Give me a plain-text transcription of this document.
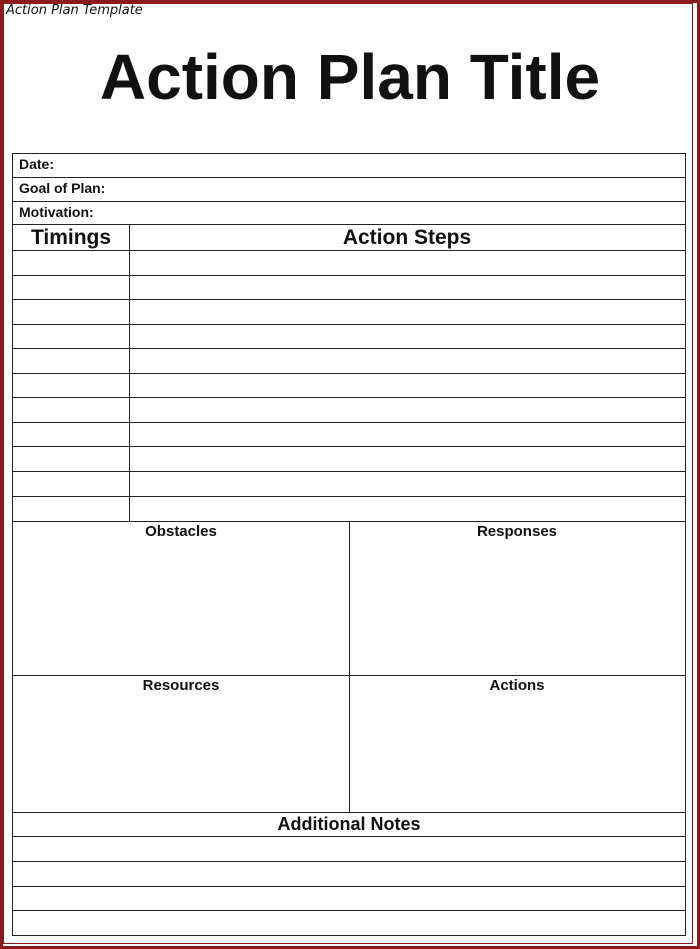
Action Plan Template
Action Plan Title
Date:
Goal of Plan:
Motivation:
Timings	Action Steps
Obstacles	Responses
Resources	Actions
Additional Notes
